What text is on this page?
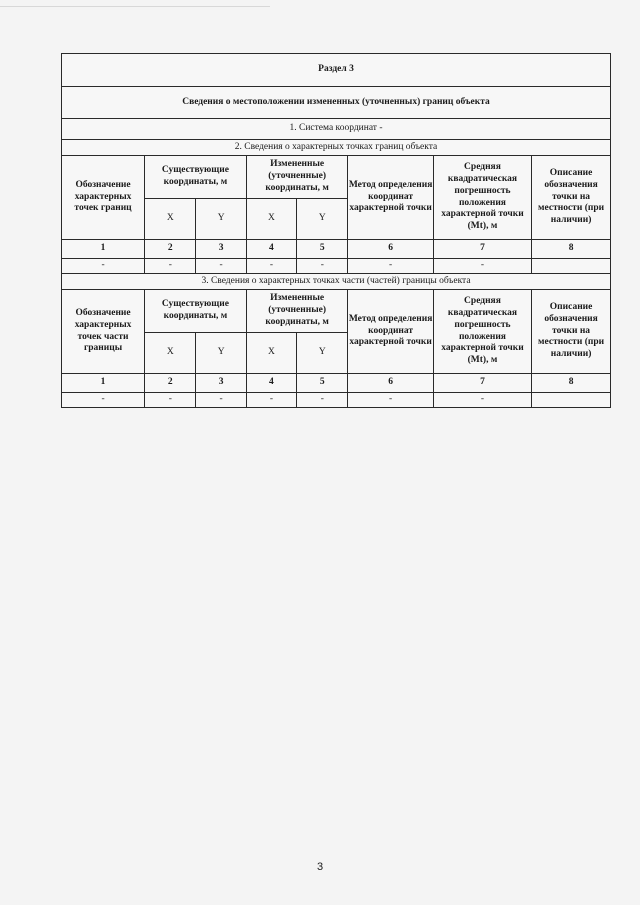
Раздел 3							
Сведения о местоположении измененных (уточненных) границ объекта							
1. Система координат -							
2. Сведения о характерных точках границ объекта							
Обозначение характерных точек границ	Существующие координаты, м		Измененные (уточненные) координаты, м		Метод определения координат характерной точки	Средняя квадратическая погрешность положения характерной точки (Mt), м	Описание обозначения точки на местности (при наличии)
	X	Y	X	Y			
1	2	3	4	5	6	7	8
-	-	-	-	-	-	-	
3. Сведения о характерных точках части (частей) границы объекта							
Обозначение характерных точек части границы	Существующие координаты, м		Измененные (уточненные) координаты, м		Метод определения координат характерной точки	Средняя квадратическая погрешность положения характерной точки (Mt), м	Описание обозначения точки на местности (при наличии)
	X	Y	X	Y			
1	2	3	4	5	6	7	8
-	-	-	-	-	-	-	
3
